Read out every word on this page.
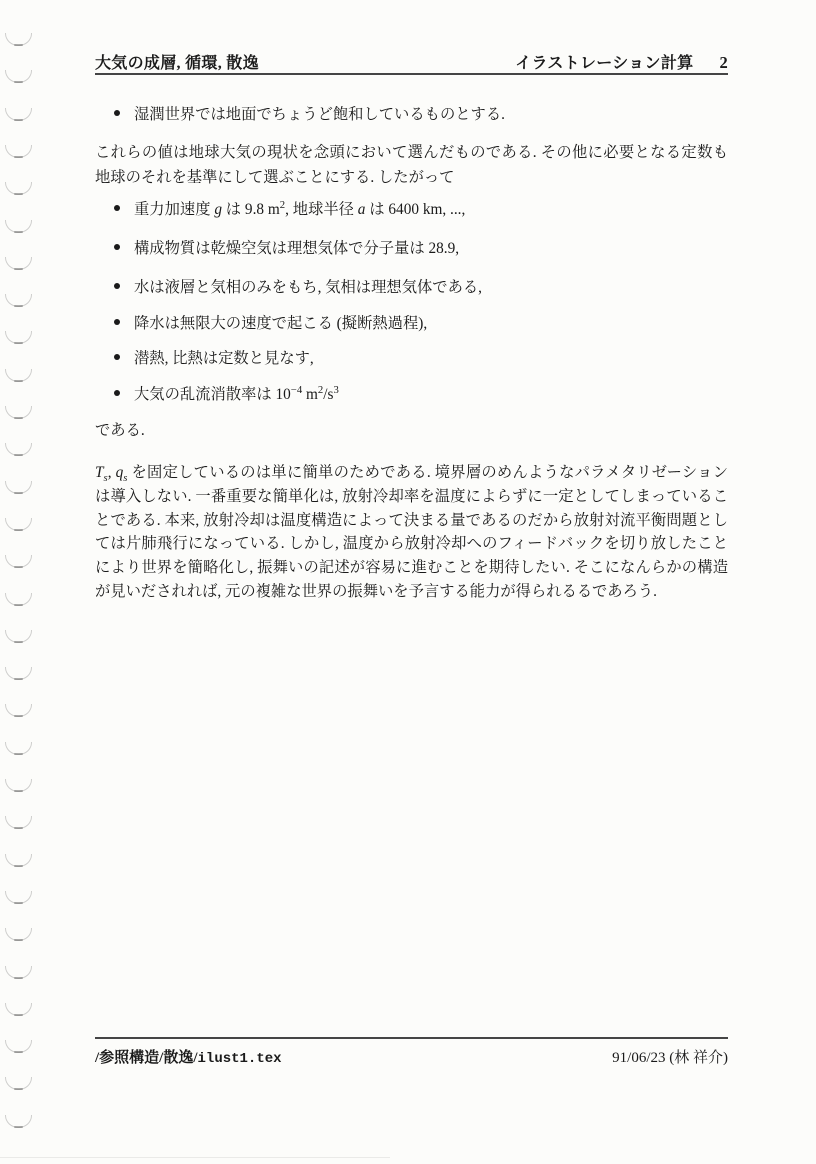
大気の成層, 循環, 散逸	イラストレーション計算 2
湿潤世界では地面でちょうど飽和しているものとする.
これらの値は地球大気の現状を念頭において選んだものである. その他に必要となる定数も地球のそれを基準にして選ぶことにする. したがって
重力加速度 g は 9.8 $m^2$, 地球半径 a は 6400 km, ...,
構成物質は乾燥空気は理想気体で分子量は 28.9,
水は液層と気相のみをもち, 気相は理想気体である,
降水は無限大の速度で起こる (擬断熱過程),
潜熱, 比熱は定数と見なす,
大気の乱流消散率は $10^{-4}$ $m^2/s^3$
である.
$T_s$, $q_s$ を固定しているのは単に簡単のためである. 境界層のめんようなパラメタリゼーションは導入しない. 一番重要な簡単化は, 放射冷却率を温度によらずに一定としてしまっていることである. 本来, 放射冷却は温度構造によって決まる量であるのだから放射対流平衡問題としては片肺飛行になっている. しかし, 温度から放射冷却へのフィードバックを切り放したことにより世界を簡略化し, 振舞いの記述が容易に進むことを期待したい. そこになんらかの構造が見いだされれば, 元の複雑な世界の振舞いを予言する能力が得られるるであろう.
/参照構造/散逸/ilust1.tex	91/06/23 (林 祥介)
